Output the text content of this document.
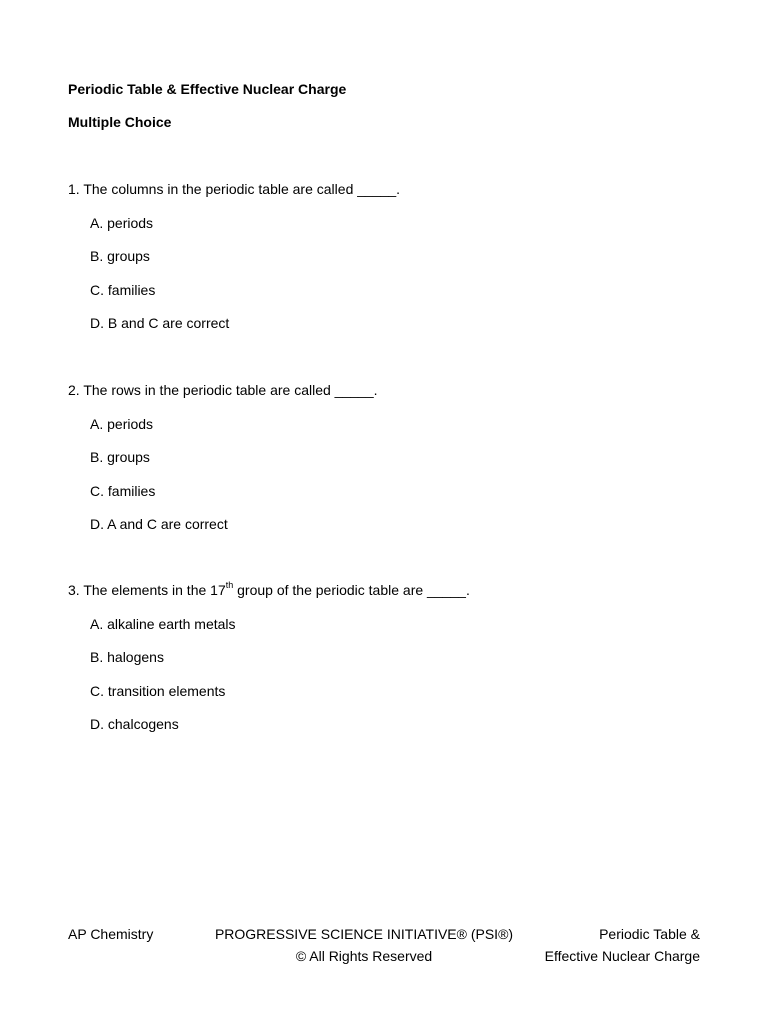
Periodic Table & Effective Nuclear Charge
Multiple Choice

1. The columns in the periodic table are called _____.

A. periods
B. groups
C. families
D. B and C are correct

2. The rows in the periodic table are called _____.

A. periods
B. groups
C. families
D. A and C are correct

3. The elements in the 17th group of the periodic table are _____.

A. alkaline earth metals
B. halogens
C. transition elements
D. chalcogens
AP Chemistry	PROGRESSIVE SCIENCE INITIATIVE® (PSI®)
© All Rights Reserved
Periodic Table &
Effective Nuclear Charge
